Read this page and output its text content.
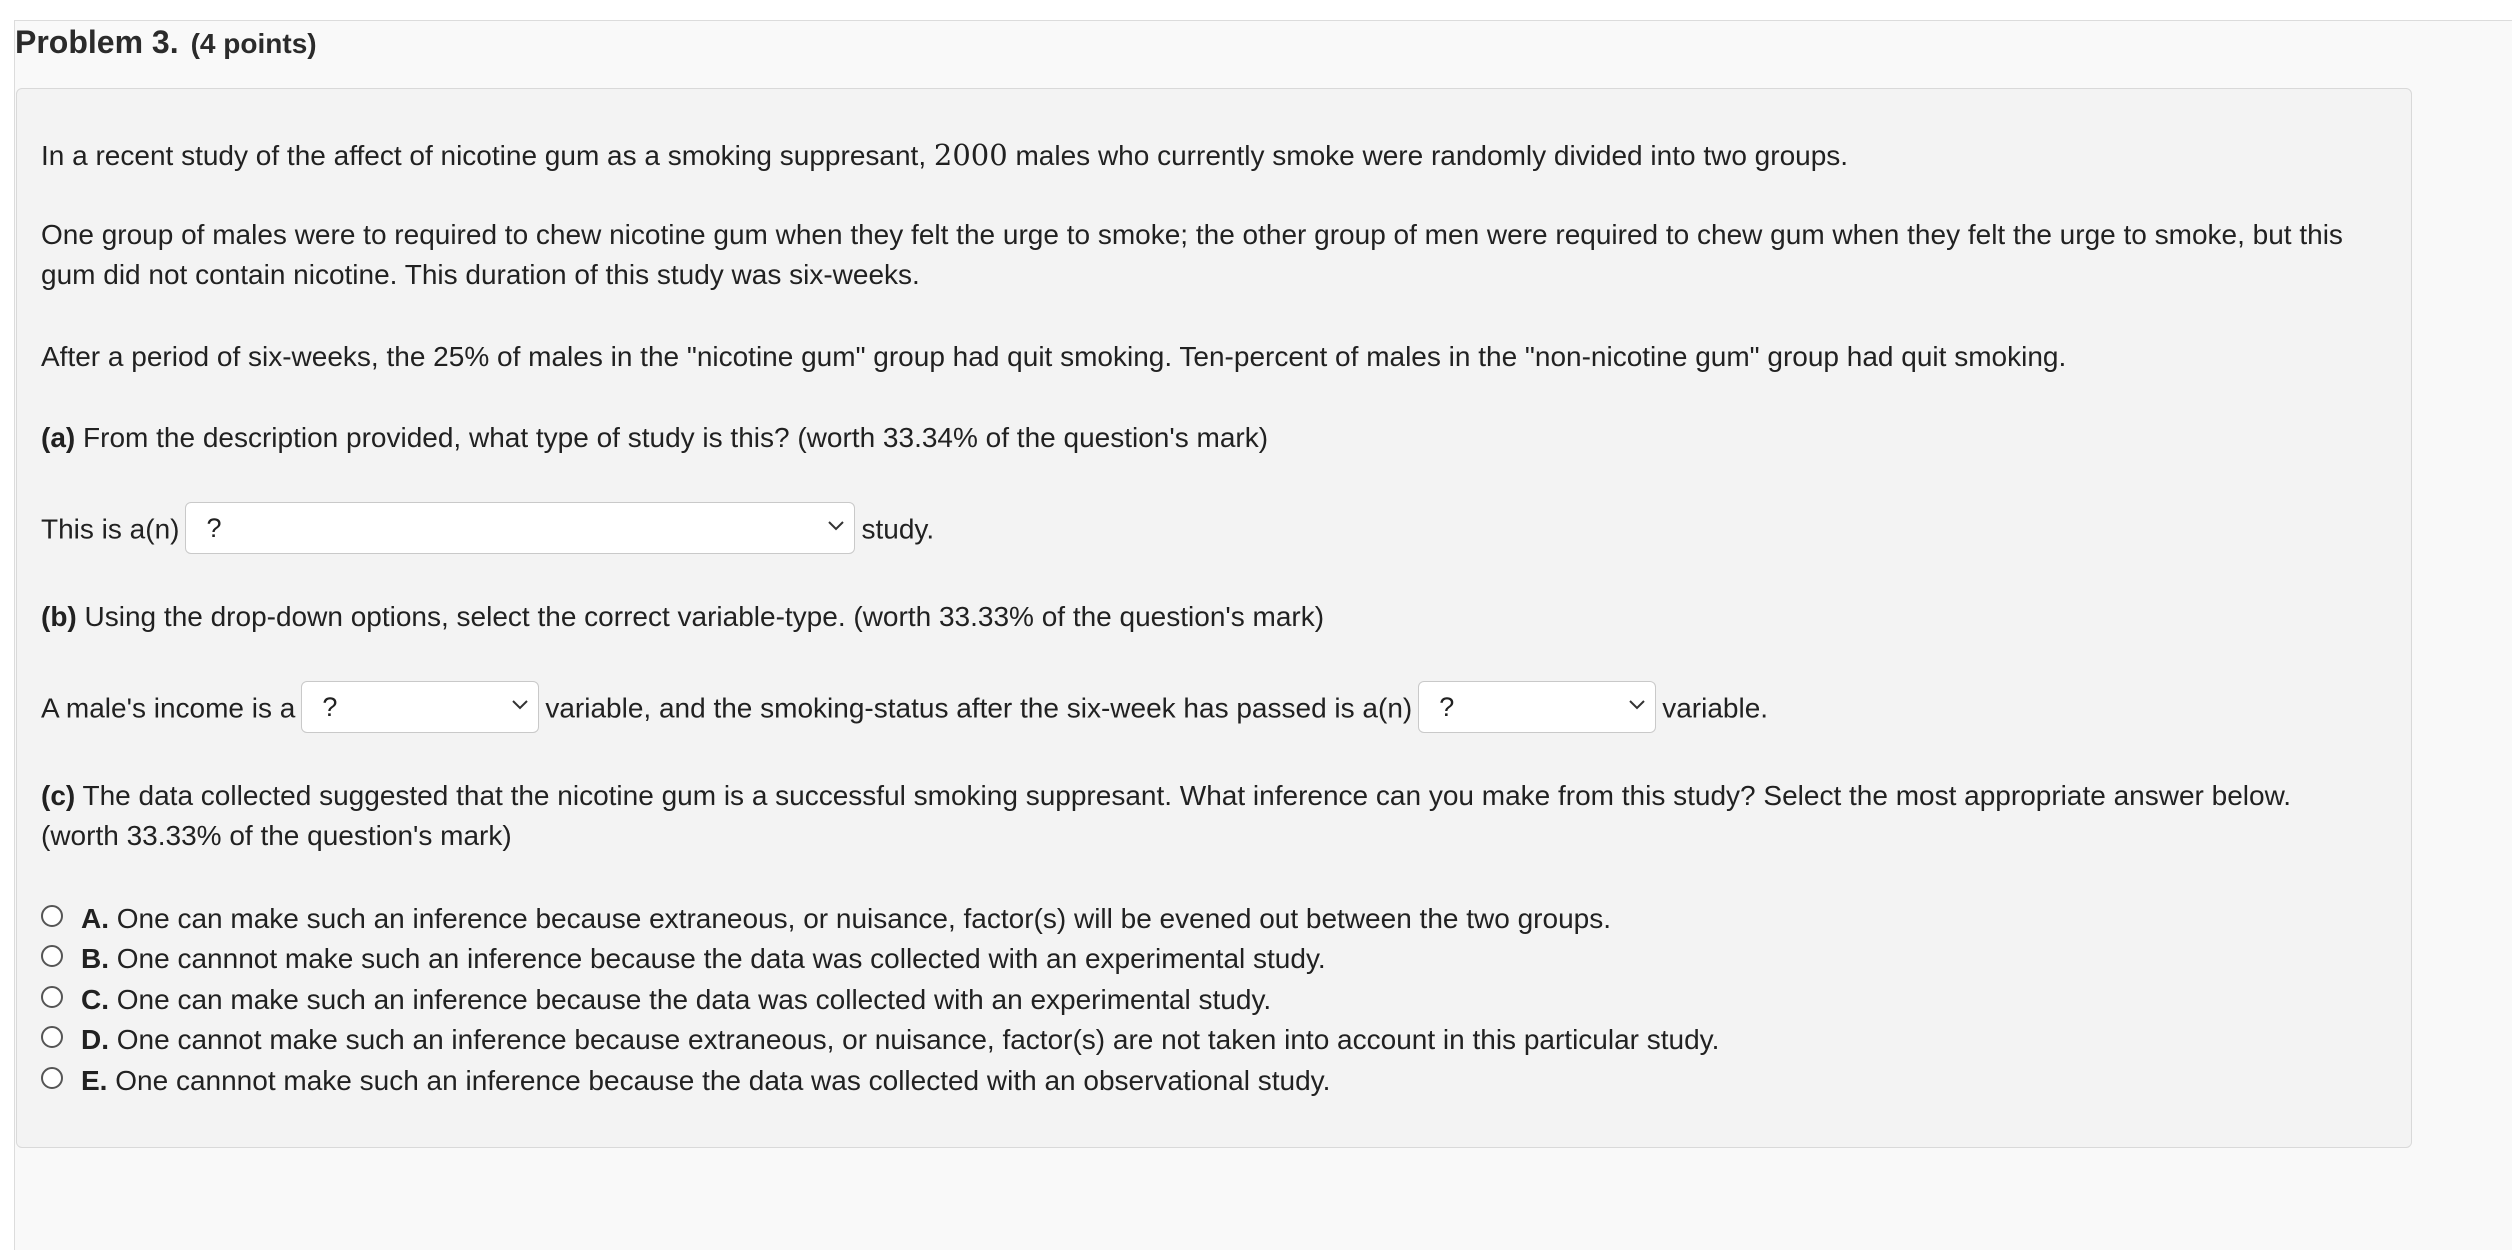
Problem 3. (4 points)
In a recent study of the affect of nicotine gum as a smoking suppresant, 2000 males who currently smoke were randomly divided into two groups.
One group of males were to required to chew nicotine gum when they felt the urge to smoke; the other group of men were required to chew gum when they felt the urge to smoke, but this gum did not contain nicotine. This duration of this study was six-weeks.
After a period of six-weeks, the 25% of males in the "nicotine gum" group had quit smoking. Ten-percent of males in the "non-nicotine gum" group had quit smoking.
(a) From the description provided, what type of study is this? (worth 33.34% of the question's mark)
This is a(n) ?	study.
(b) Using the drop-down options, select the correct variable-type. (worth 33.33% of the question's mark)
A male's income is a ?	variable, and the smoking-status after the six-week has passed is a(n) ?	variable.
(c) The data collected suggested that the nicotine gum is a successful smoking suppresant. What inference can you make from this study? Select the most appropriate answer below.
(worth 33.33% of the question's mark)
A. One can make such an inference because extraneous, or nuisance, factor(s) will be evened out between the two groups.
B. One cannnot make such an inference because the data was collected with an experimental study.
C. One can make such an inference because the data was collected with an experimental study.
D. One cannot make such an inference because extraneous, or nuisance, factor(s) are not taken into account in this particular study.
E. One cannnot make such an inference because the data was collected with an observational study.
